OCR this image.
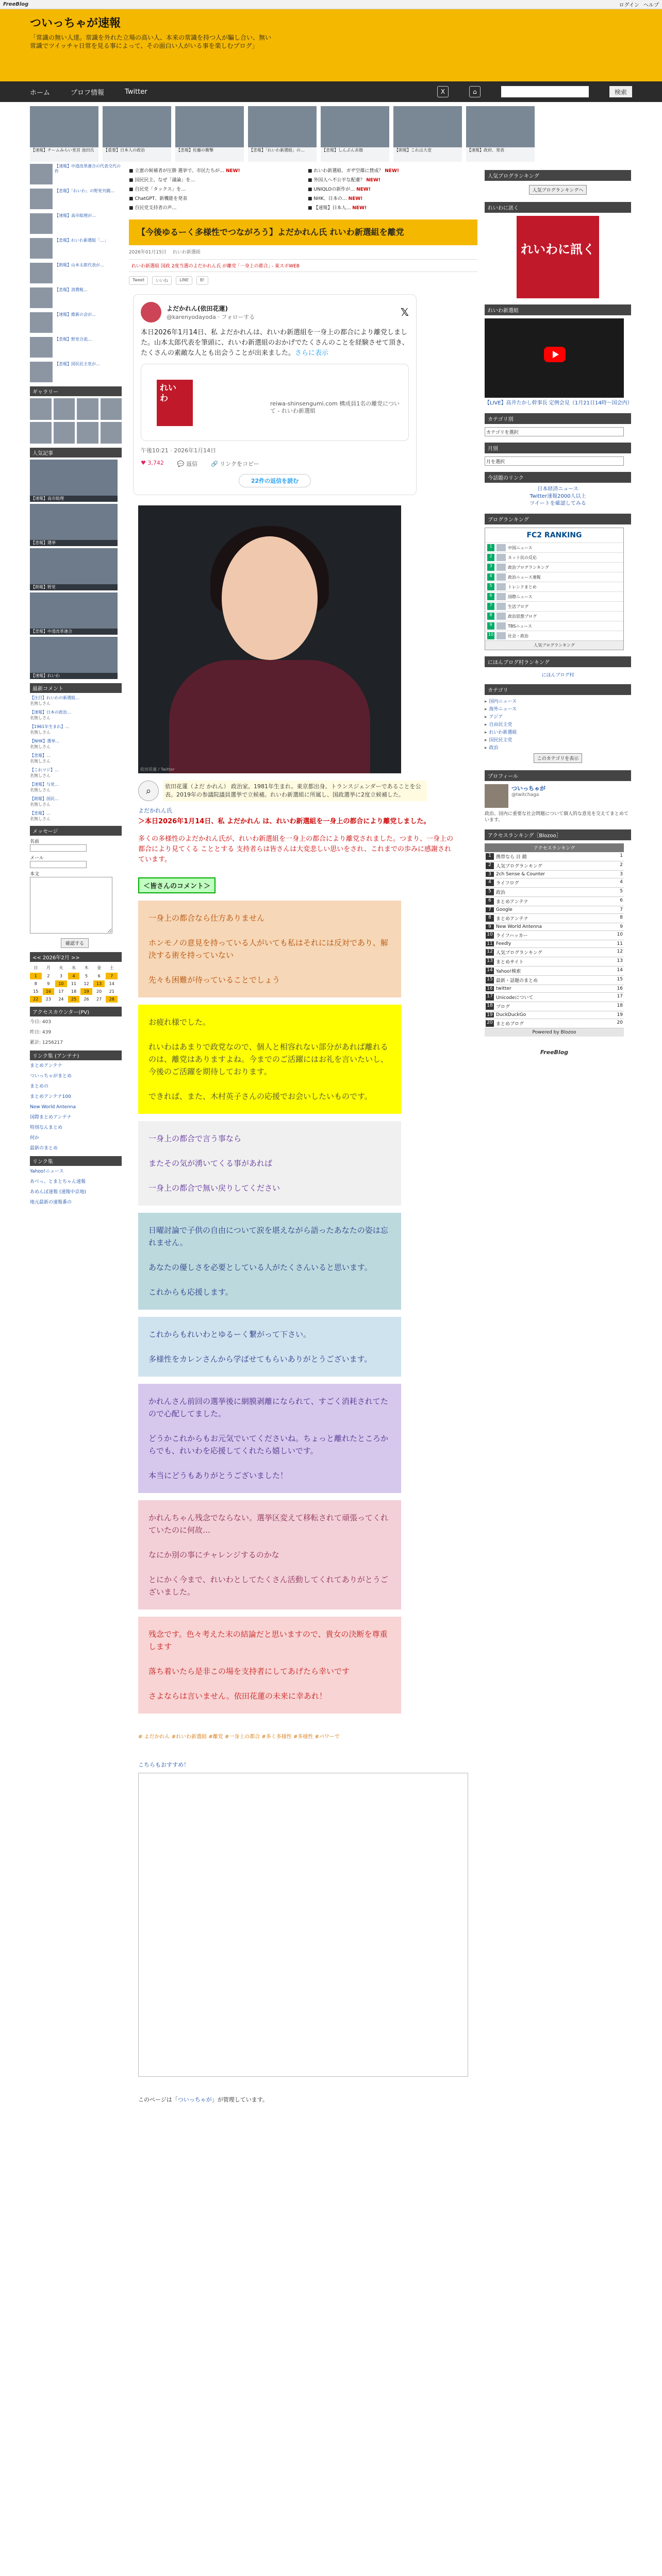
FreeBlog	ログイン ヘルプ
ついっちゃが速報
「常識の無い人達。常識を外れた立場の高い人、本来の常識を持つ人が騙し合い、無い常識でツイッチャ日常を見る事によって、その面白い人がいる事を楽しむブログ」
ホーム	プロフ情報	Twitter	X	⌂	検索
【速報】チームみらい党首 池田氏	【重要】日本人の政治	【悲報】佐藤の衝撃	【悲報】「れいわ新選組」の…	【悲報】しんぶん赤旗	【朗報】これは大変	【速報】政府、発表
【速報】中道改革連合の代表交代の件
【悲報】「れいわ」の野党共闘…
【速報】高市総理が…
【悲報】れいわ新選組「…」
【朗報】山本太郎代表が…
【悲報】消費税…
【速報】維新の会が…
【悲報】野党合流…
【悲報】国民民主党が…
ギャラリー
人気記事
【速報】高市総理
【悲報】選挙
【朗報】野党
【悲報】中道改革連合
【速報】れいわ
最新コメント
【注目】れいわの新選組…
名無しさん
【速報】日本の政治…
名無しさん
【1961年生まれ】…
名無しさん
【NHK】選挙…
名無しさん
【悲報】…
名無しさん
【これマジ】…
名無しさん
【速報】与党…
名無しさん
【朗報】国民…
名無しさん
【悲報】…
名無しさん
メッセージ
名前
メール
本文
確認する
<< 2026年2月 >>
日	月	火	水	木	金	土
1	2	3	4	5	6	7
8	9	10	11	12	13	14
15	16	17	18	19	20	21
22	23	24	25	26	27	28
アクセスカウンター(PV)
今日: 403
昨日: 439
累計: 1256217
リンク集 (アンテナ)
まとめアンテナ
ついっちゃがまとめ
まとめの
まとめアンテナ100
New World Antenna
国際まとめアンテナ
特別なんまとめ
何か
最新のまとめ
リンク集
Yahoo!ニュース
あべっ、とまとちゃん速報
あめんぼ速報 (速報中京地)
地元最新の速報番の
■ 立憲の候補者が圧勝 選挙で、市民たちが… NEW!	■ れいわ新選組、ガザ空爆に賛成？ NEW!
■ 国民民主、なぜ「議論」を…	■ 外国人へ不公平な配慮？ NEW!
■ 自民党「タックス」を…	■ UNIQLOの新作が… NEW!
■ ChatGPT、新機能を発表	■ NHK、日本の… NEW!
■ 自民党支持者の声…	■ 【速報】日本人… NEW!
【今後ゆるーく多様性でつながろう】よだかれん氏 れいわ新選組を離党
2026年01月15日 れいわ新選組
れいわ新選組 国政 2度当選のよだかれん氏 が離党 ｢一身上の都合｣ - 東スポWEB
Tweet	いいね	LINE	B!
よだかれん(依田花蓮)
@karenyodayoda · フォローする	𝕏
本日2026年1月14日、私 よだかれんは、れいわ新選組を一身上の都合により離党しました。山本太郎代表を筆頭に、れいわ新選組のおかげでたくさんのことを経験させて頂き、たくさんの素敵な人とも出会うことが出来ました。さらに表示
れい
わ
reiwa-shinsengumi.com 構成員1名の離党について - れいわ新選組
午後10:21 · 2026年1月14日
♥ 3,742 💬 返信 🔗 リンクをコピー
22件の返信を読む
依田花蓮 / Twitter
⌕	依田花蓮（よだ かれん） 政治家。1981年生まれ。東京都出身。トランスジェンダーであることを公表。2019年の参議院議員選挙で立候補。れいわ新選組に所属し、国政選挙に2度立候補した。
よだかれん氏

＞本日2026年1月14日、私 よだかれん は、れいわ新選組を一身上の都合により離党しました。

多くの多様性のよだかれん氏が、れいわ新選組を一身上の都合により離党されました。つまり、一身上の都合により見てくる こととする 支持者らは皆さんは大変悲しい思いをされ、これまでの歩みに感謝されています。

＜皆さんのコメント＞

一身上の都合なら仕方ありません

ホンモノの意見を持っている人がいても私はそれには反対であり、解決する術を持っていない

先々も困難が待っていることでしょう

お疲れ様でした。

れいわはあまりで政党なので、個人と相容れない部分があれば離れるのは、離党はありますよね。今までのご活躍にはお礼を言いたいし、今後のご活躍を期待しております。

できれば、また、木村英子さんの応援でお会いしたいものです。

一身上の都合で言う事なら

またその気が湧いてくる事があれば

一身上の都合で無い戻りしてください

日曜討論で子供の自由について涙を堪えながら語ったあなたの姿は忘れません。

あなたの優しさを必要としている人がたくさんいると思います。

これからも応援します。

これからもれいわとゆるーく繋がって下さい。

多様性をカレンさんから学ばせてもらいありがとうございます。

かれんさん前回の選挙後に網膜剥離になられて、すごく消耗されてたので心配してました。

どうかこれからもお元気でいてくださいね。ちょっと離れたところからでも、れいわを応援してくれたら嬉しいです。

本当にどうもありがとうございました！

かれんちゃん残念でならない。選挙区変えて移転されて頑張ってくれていたのに何故…

なにか別の事にチャレンジするのかな

とにかく今まで、れいわとしてたくさん活動してくれてありがとうございました。

残念です。色々考えた末の結論だと思いますので、貴女の決断を尊重します

落ち着いたら是非この場を支持者にしてあげたら幸いです

さよならは言いません。依田花蓮の未来に幸あれ！

# よだかれん #れいわ新選組 #離党 #一身上の都合 #多く多様性 #多様性 #パワーで
こちらもおすすめ！
このページは「ついっちゃが」が管理しています。
人気ブログランキング
人気ブログランキングへ
れいわに訊く
れいわに訊く
れいわ新選組
【LIVE】高井たかし幹事長 定例会見（1月21日14時〜国会内）
カテゴリ別
カテゴリを選択
月別
月を選択
今話題のリンク
日本経済ニュース
Twitter速報2000人以上
ツイートを確認してみる
ブログランキング
FC2 RANKING
1	中国ニュース
2	ネット民の反応
3	政治ブログランキング
4	政治ニュース速報
5	トレンドまとめ
6	国際ニュース
7	生活ブログ
8	政治思想ブログ
9	TBSニュース
10	社会・政治
人気ブログランキング
にほんブログ村ランキング
にほんブログ村
カテゴリ
▸ 国内ニュース
▸ 海外ニュース
▸ アジア
▸ 自由民主党
▸ れいわ新選組
▸ 国民民主党
▸ 政治
このカテゴリを表示
プロフィール
ついっちゃが
@twitchaga
政治、国内に重要な社会問題について個人的な意見を交えてまとめています。
アクセスランキング［Blozoo］
アクセスランキング
1	携帯なら 目 鏡	1
2	人気ブログランキング	2
3	2ch Sense & Counter	3
4	ライフログ	4
5	政治	5
6	まとめアンテナ	6
7	Google	7
8	まとめアンテナ	8
9	New World Antenna	9
10 ライフハッカー	10
11 Feedly	11
12 人気ブログランキング	12
13 まとめサイト	13
14 Yahoo!検索	14
15 最新・話題のまとめ	15
16 twitter	16
17 Unicodeについて	17
18 ブログ	18
19 DuckDuckGo	19
20 まとめブログ	20
Powered by Blozoo
FreeBlog
